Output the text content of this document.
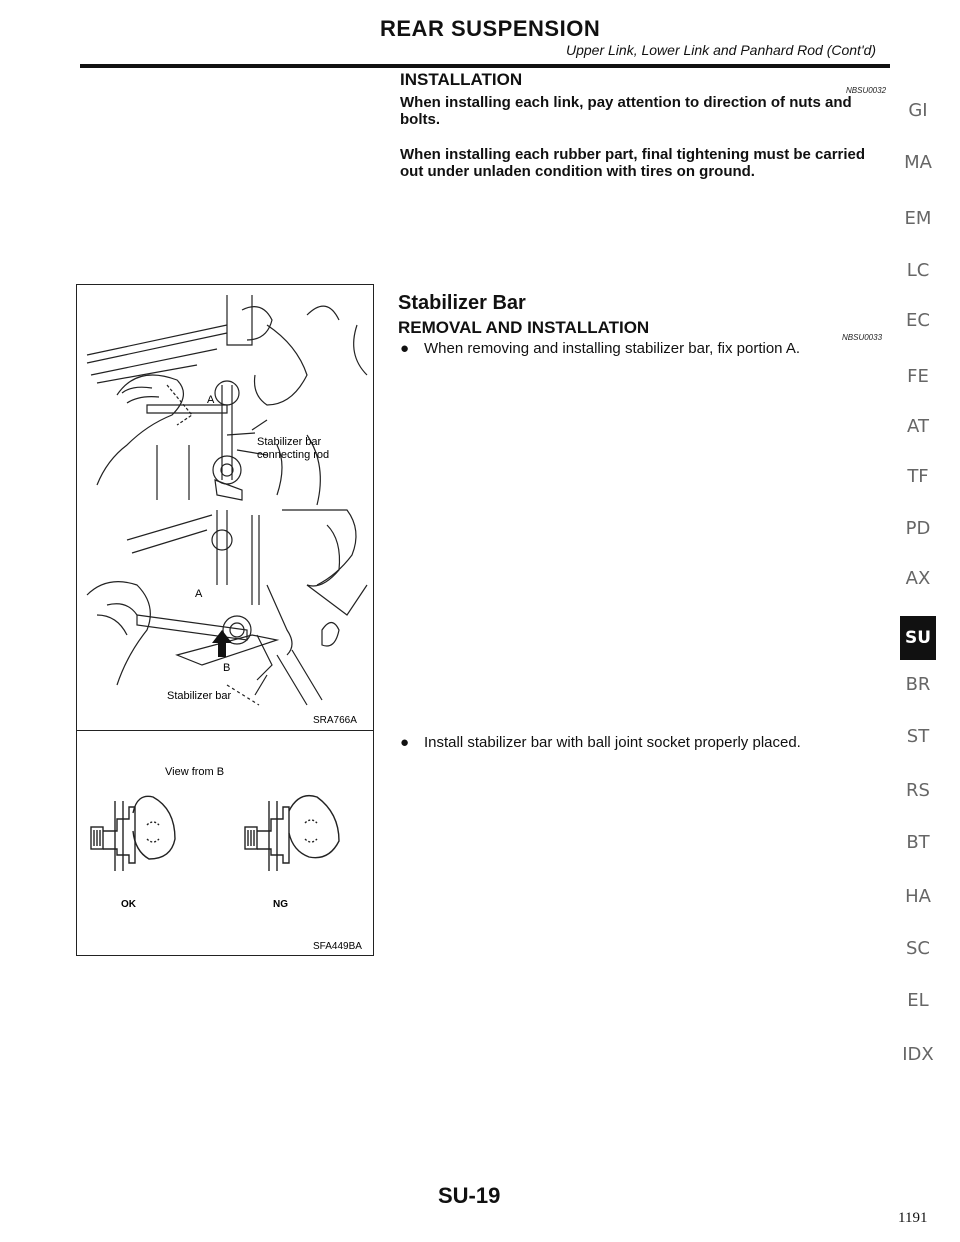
REAR SUSPENSION
Upper Link, Lower Link and Panhard Rod (Cont'd)
INSTALLATION
NBSU0032
When installing each link, pay attention to direction of nuts and bolts.
When installing each rubber part, final tightening must be carried out under unladen condition with tires on ground.
Stabilizer Bar
REMOVAL AND INSTALLATION
NBSU0033
● When removing and installing stabilizer bar, fix portion A.
● Install stabilizer bar with ball joint socket properly placed.
A
Stabilizer bar
connecting rod
A
B
Stabilizer bar
SRA766A
View from B
OK	NG
SFA449BA
GI
MA
EM
LC
EC
FE
AT
TF
PD
AX
SU
BR
ST
RS
BT
HA
SC
EL
IDX
SU-19
1191
